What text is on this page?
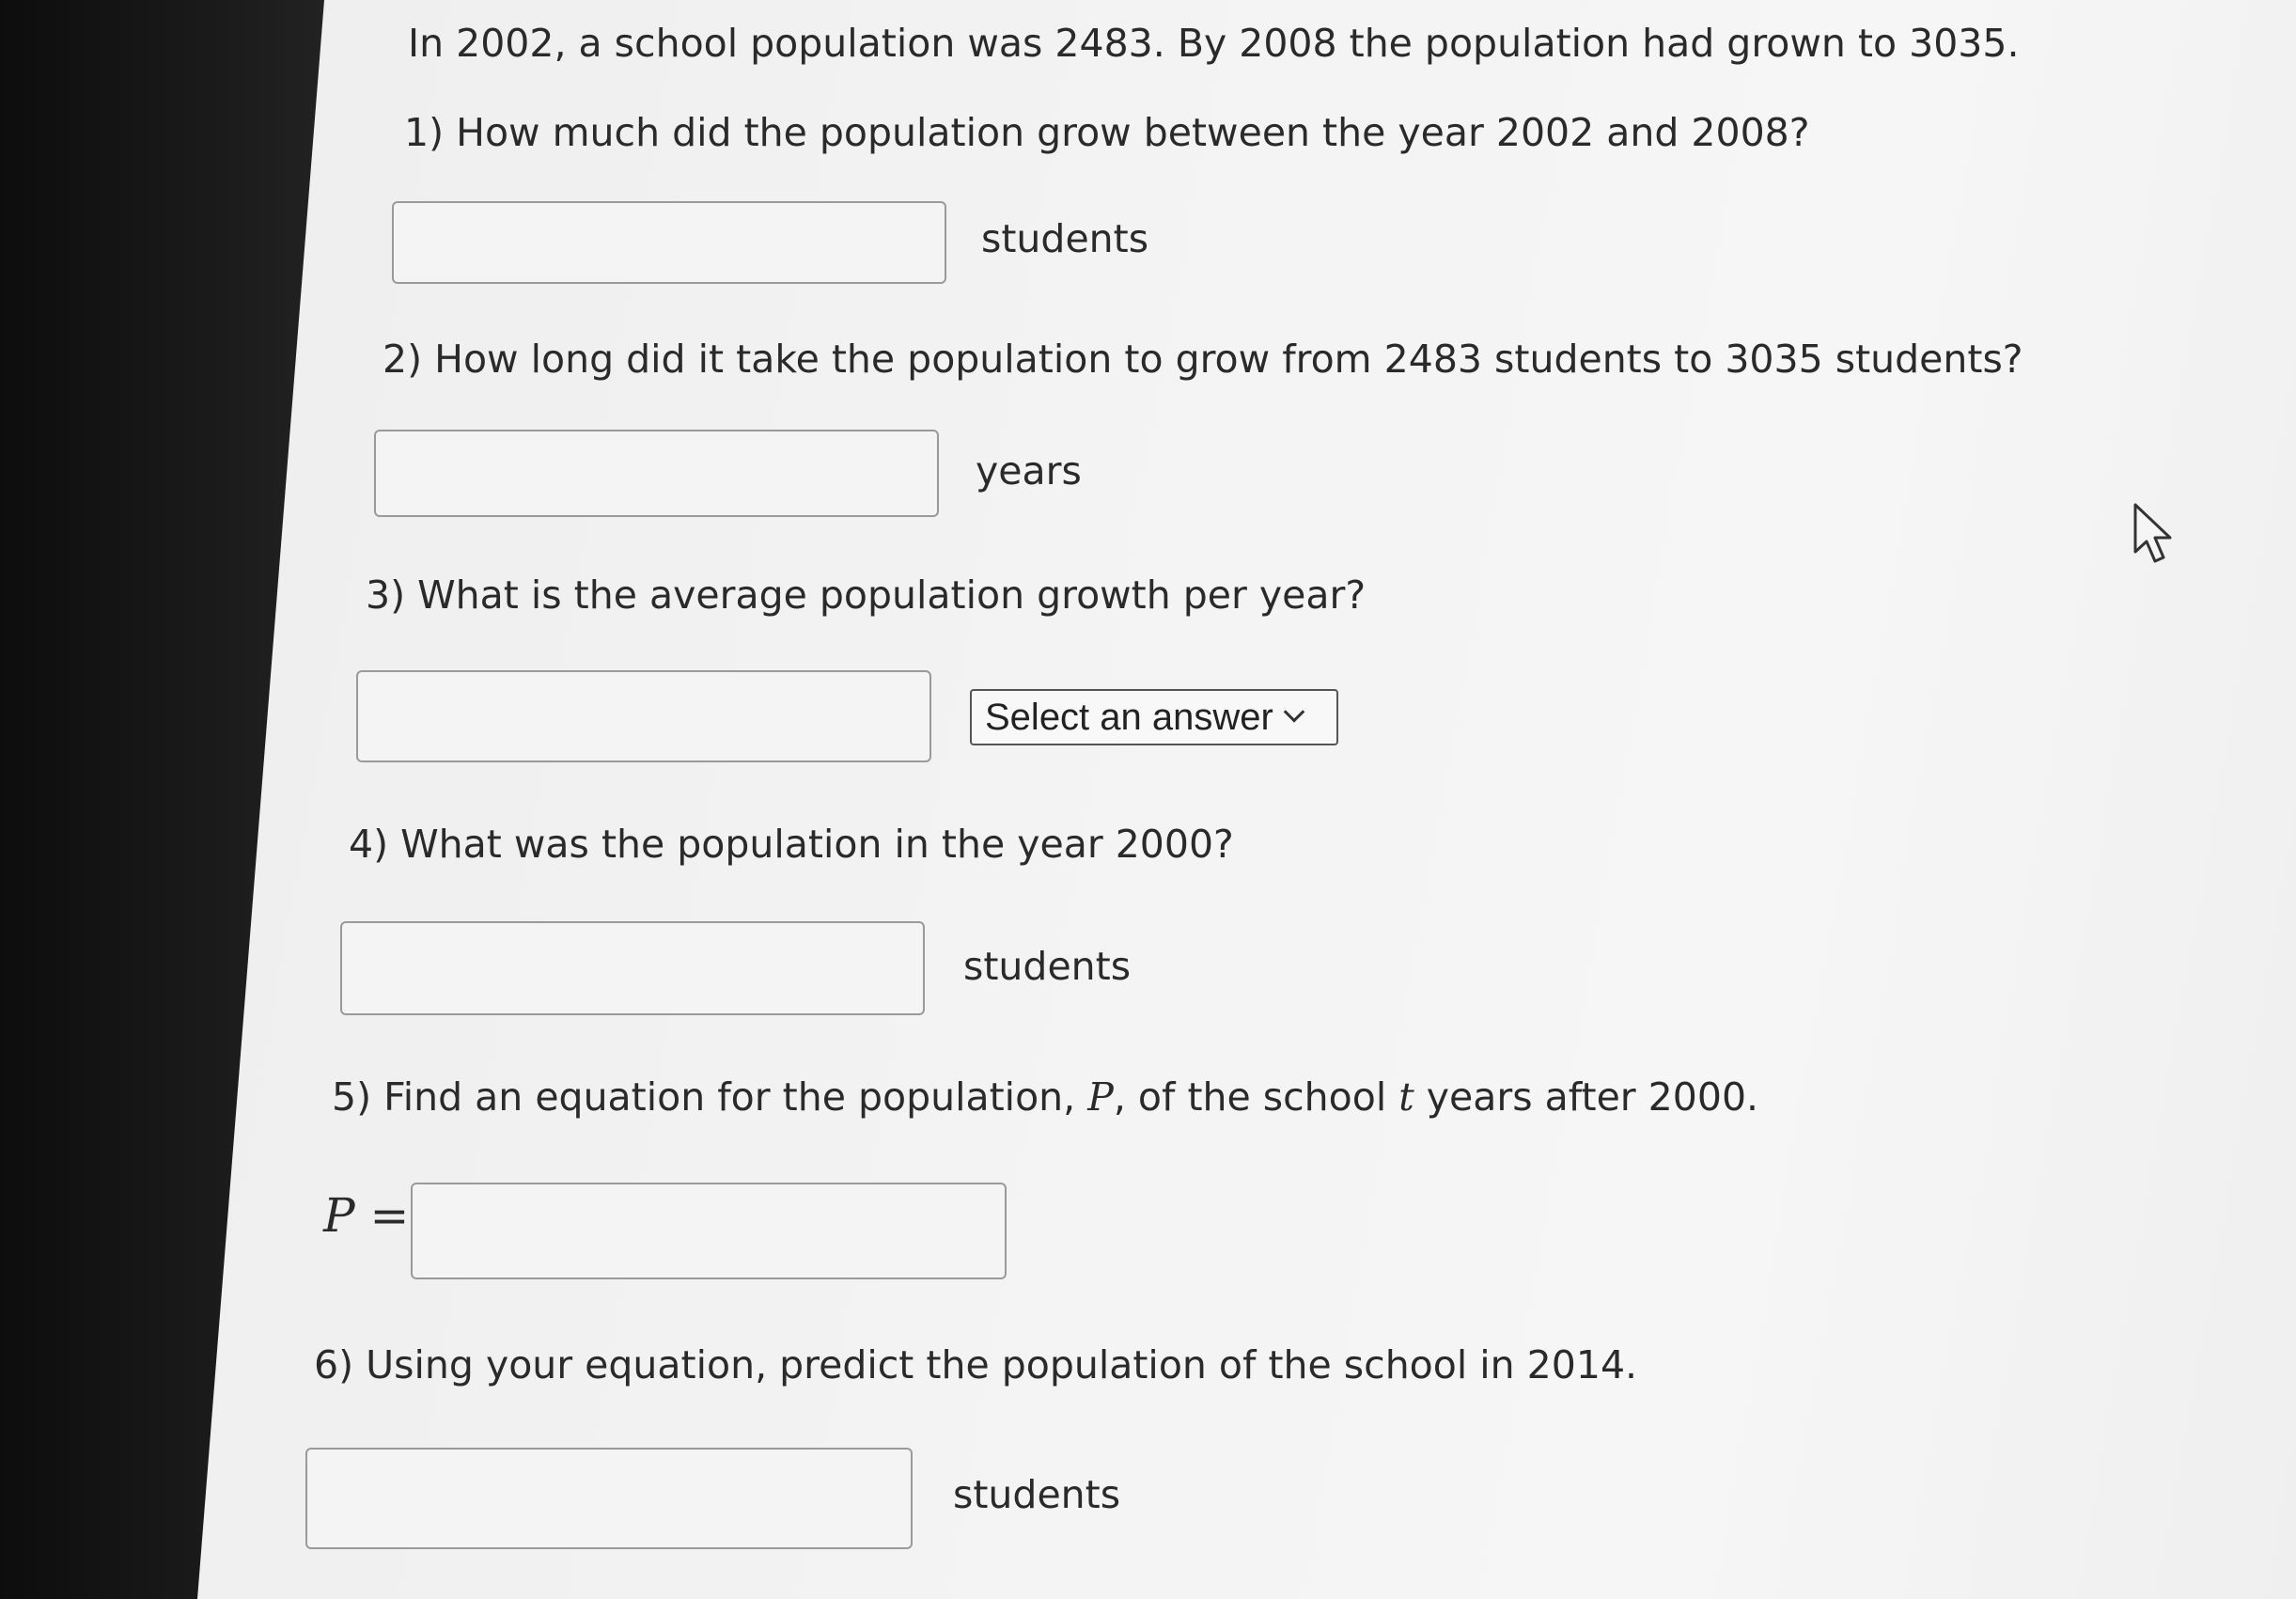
In 2002, a school population was 2483. By 2008 the population had grown to 3035.
1) How much did the population grow between the year 2002 and 2008?
students
2) How long did it take the population to grow from 2483 students to 3035 students?
years
3) What is the average population growth per year?
Select an answer
4) What was the population in the year 2000?
students
5) Find an equation for the population, P, of the school t years after 2000.
P =
6) Using your equation, predict the population of the school in 2014.
students
